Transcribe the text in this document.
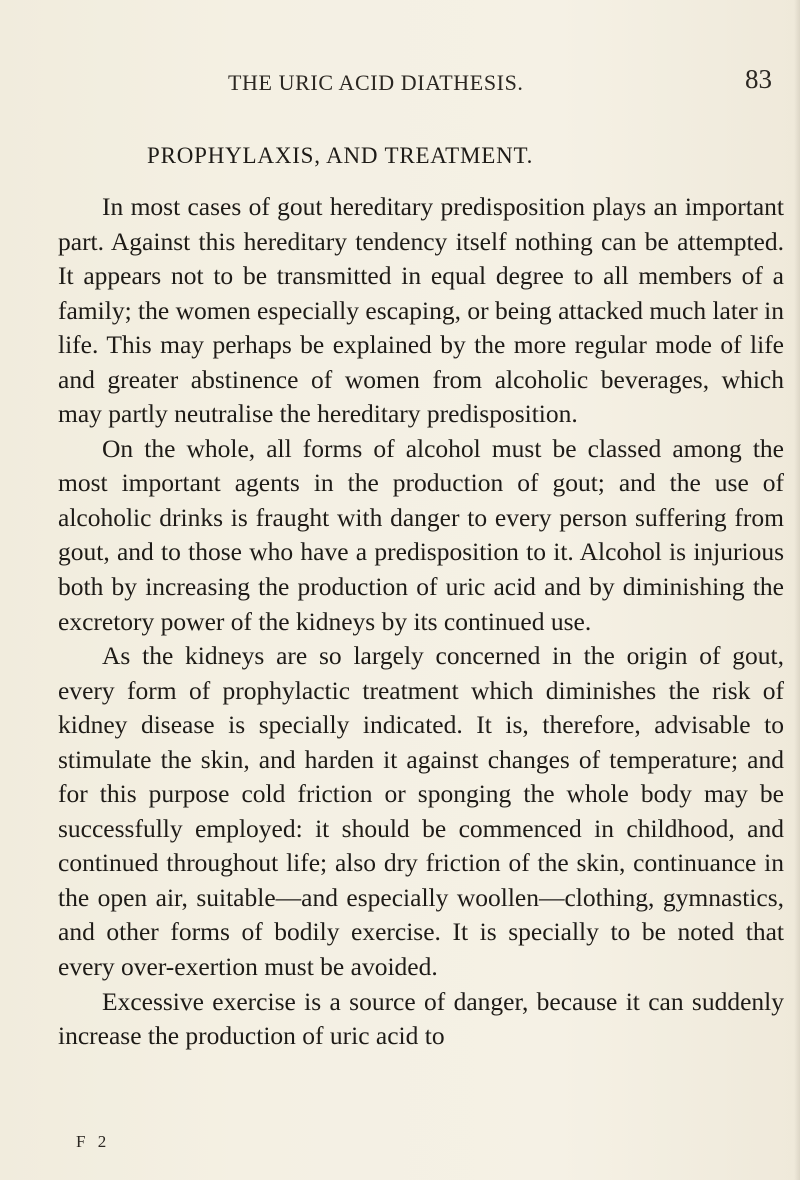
THE URIC ACID DIATHESIS.	83
PROPHYLAXIS, AND TREATMENT.

In most cases of gout hereditary predisposition plays an important part. Against this hereditary tendency itself nothing can be attempted. It appears not to be transmitted in equal degree to all members of a family; the women especially escaping, or being attacked much later in life. This may perhaps be explained by the more regular mode of life and greater abstinence of women from alcoholic beverages, which may partly neutralise the hereditary predisposition.

On the whole, all forms of alcohol must be classed among the most important agents in the production of gout; and the use of alcoholic drinks is fraught with danger to every person suffering from gout, and to those who have a predisposition to it. Alcohol is injurious both by increasing the production of uric acid and by diminishing the excretory power of the kidneys by its continued use.

As the kidneys are so largely concerned in the origin of gout, every form of prophylactic treatment which diminishes the risk of kidney disease is specially indicated. It is, therefore, advisable to stimulate the skin, and harden it against changes of temperature; and for this purpose cold friction or sponging the whole body may be successfully employed: it should be commenced in childhood, and continued throughout life; also dry friction of the skin, continuance in the open air, suitable—and especially woollen—clothing, gymnastics, and other forms of bodily exercise. It is specially to be noted that every over-exertion must be avoided.

Excessive exercise is a source of danger, because it can suddenly increase the production of uric acid to

F 2
